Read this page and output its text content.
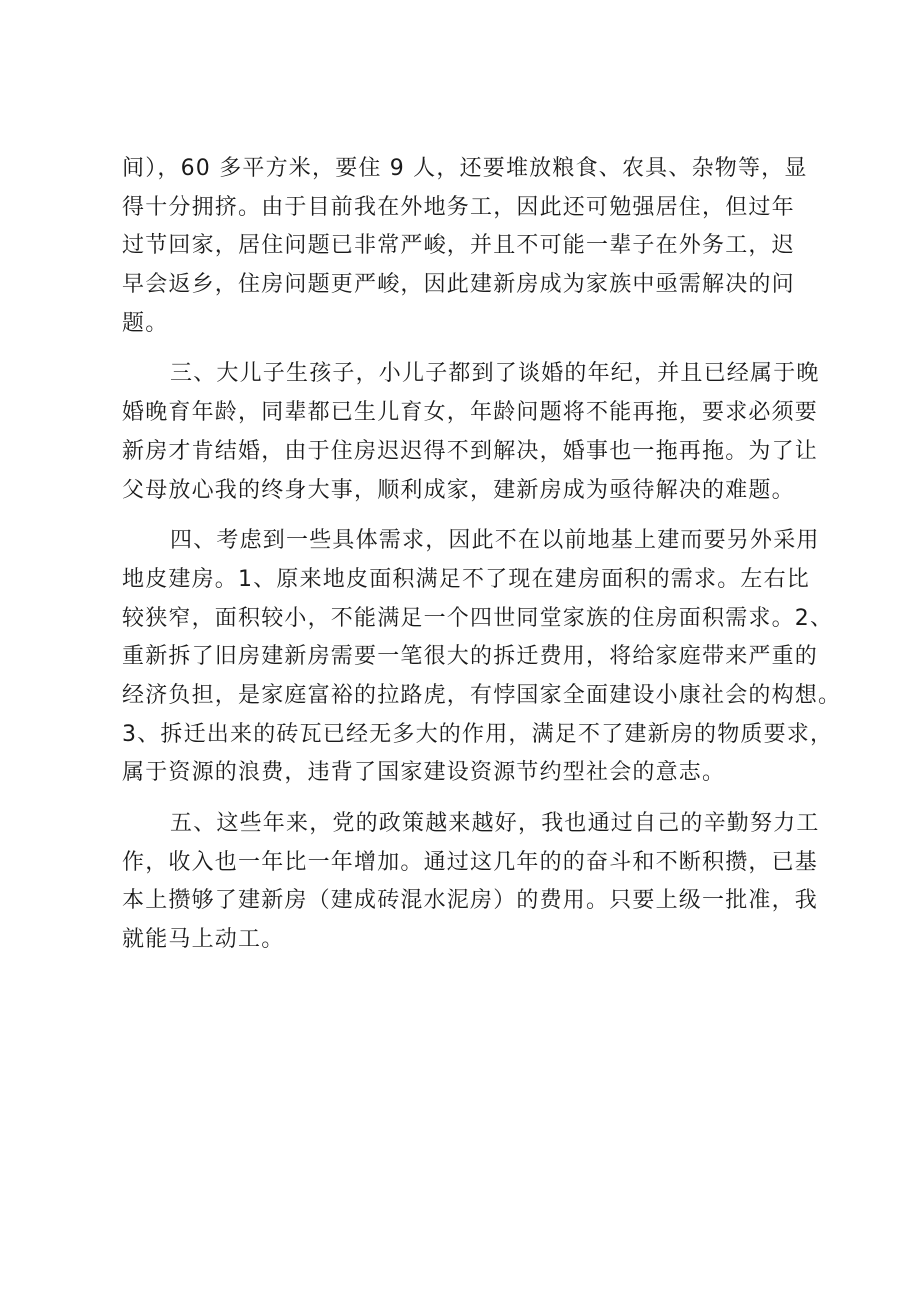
间），60 多平方米，要住 9 人，还要堆放粮食、农具、杂物等，显
得十分拥挤。由于目前我在外地务工，因此还可勉强居住，但过年
过节回家，居住问题已非常严峻，并且不可能一辈子在外务工，迟
早会返乡，住房问题更严峻，因此建新房成为家族中亟需解决的问
题。
三、大儿子生孩子，小儿子都到了谈婚的年纪，并且已经属于晚
婚晚育年龄，同辈都已生儿育女，年龄问题将不能再拖，要求必须要
新房才肯结婚，由于住房迟迟得不到解决，婚事也一拖再拖。为了让
父母放心我的终身大事，顺利成家，建新房成为亟待解决的难题。
四、考虑到一些具体需求，因此不在以前地基上建而要另外采用
地皮建房。1、原来地皮面积满足不了现在建房面积的需求。左右比
较狭窄，面积较小，不能满足一个四世同堂家族的住房面积需求。2、
重新拆了旧房建新房需要一笔很大的拆迁费用，将给家庭带来严重的
经济负担，是家庭富裕的拉路虎，有悖国家全面建设小康社会的构想。
3、拆迁出来的砖瓦已经无多大的作用，满足不了建新房的物质要求，
属于资源的浪费，违背了国家建设资源节约型社会的意志。
五、这些年来，党的政策越来越好，我也通过自己的辛勤努力工
作，收入也一年比一年增加。通过这几年的的奋斗和不断积攒，已基
本上攒够了建新房（建成砖混水泥房）的费用。只要上级一批准，我
就能马上动工。
